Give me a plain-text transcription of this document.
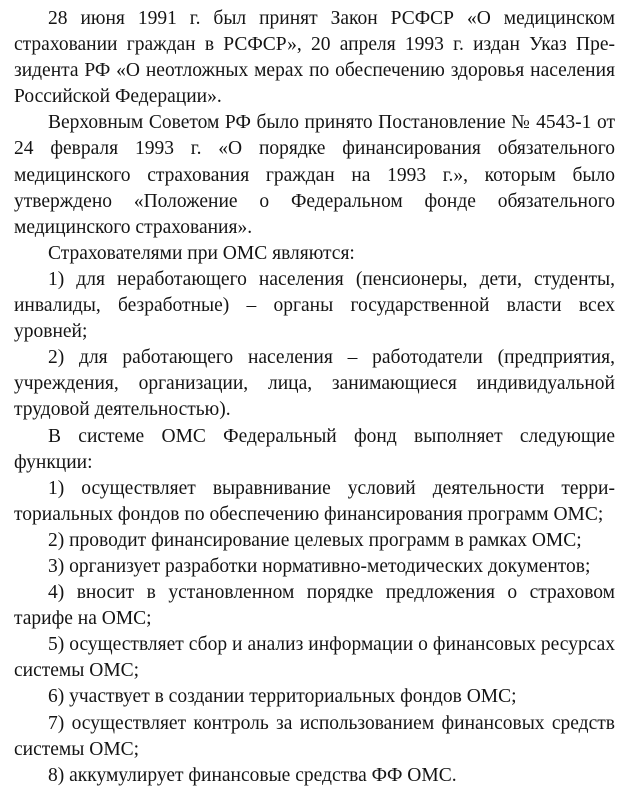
28 июня 1991 г. был принят Закон РСФСР «О медицинском страховании граждан в РСФСР», 20 апреля 1993 г. издан Указ Президента РФ «О неотложных мерах по обеспечению здоровья населения Российской Федерации».

Верховным Советом РФ было принято Постановление № 4543-1 от 24 февраля 1993 г. «О порядке финансирования обязательного медицинского страхования граждан на 1993 г.», которым было утверждено «Положение о Федеральном фонде обязательного медицинского страхования».

Страхователями при ОМС являются:

1) для неработающего населения (пенсионеры, дети, студенты, инвалиды, безработные) – органы государственной власти всех уровней;

2) для работающего населения – работодатели (предприятия, учреждения, организации, лица, занимающиеся индивидуальной трудовой деятельностью).

В системе ОМС Федеральный фонд выполняет следующие функции:

1) осуществляет выравнивание условий деятельности территориальных фондов по обеспечению финансирования программ ОМС;

2) проводит финансирование целевых программ в рамках ОМС;

3) организует разработки нормативно-методических документов;

4) вносит в установленном порядке предложения о страховом тарифе на ОМС;

5) осуществляет сбор и анализ информации о финансовых ресурсах системы ОМС;

6) участвует в создании территориальных фондов ОМС;

7) осуществляет контроль за использованием финансовых средств системы ОМС;

8) аккумулирует финансовые средства ФФ ОМС.
